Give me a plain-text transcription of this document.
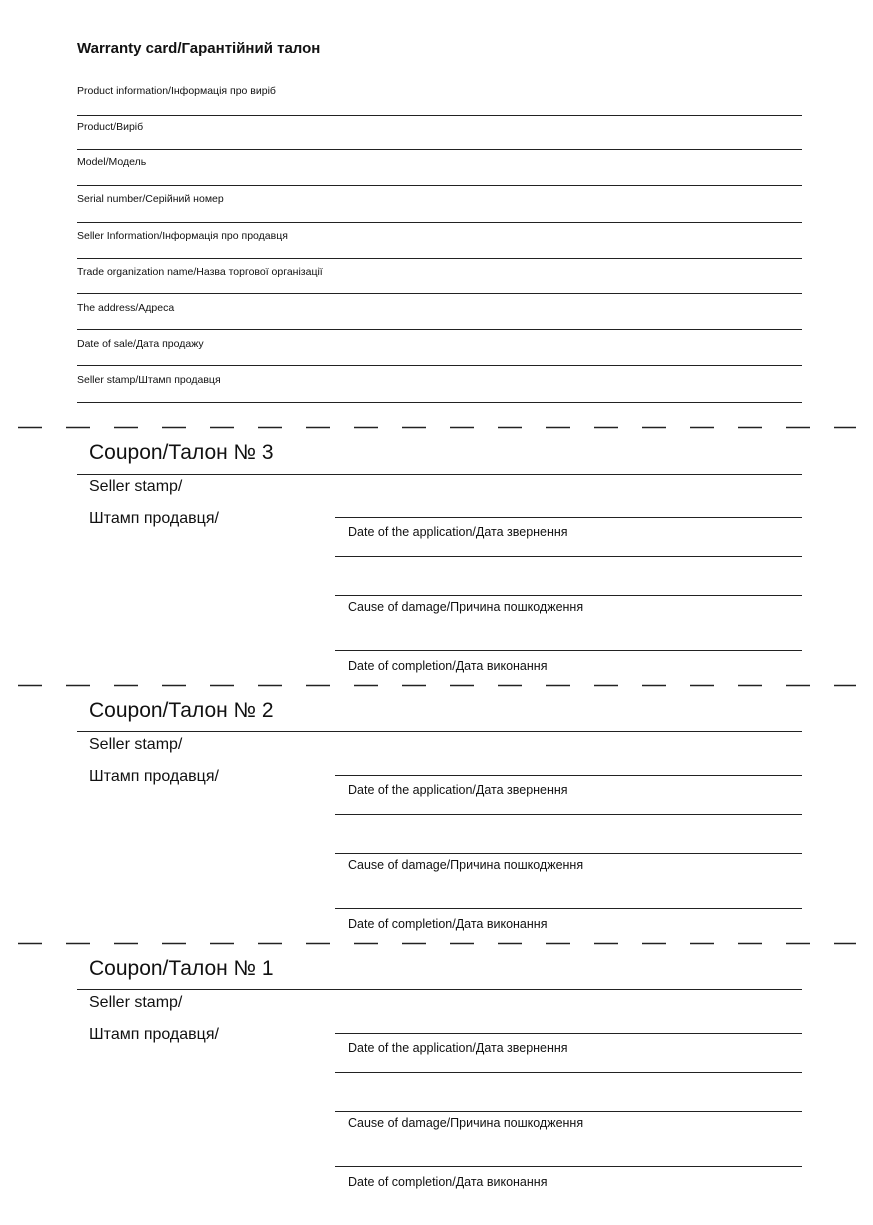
Warranty card/Гарантійний талон
Product information/Інформація про виріб
Product/Виріб
Model/Модель
Serial number/Серійний номер
Seller Information/Інформація про продавця
Trade organization name/Назва торгової організації
The address/Адреса
Date of sale/Дата продажу
Seller stamp/Штамп продавця
Coupon/Талон № 3
Seller stamp/
Штамп продавця/
Date of the application/Дата звернення
Cause of damage/Причина пошкодження
Date of completion/Дата виконання
Coupon/Талон № 2
Seller stamp/
Штамп продавця/
Date of the application/Дата звернення
Cause of damage/Причина пошкодження
Date of completion/Дата виконання
Coupon/Талон № 1
Seller stamp/
Штамп продавця/
Date of the application/Дата звернення
Cause of damage/Причина пошкодження
Date of completion/Дата виконання
